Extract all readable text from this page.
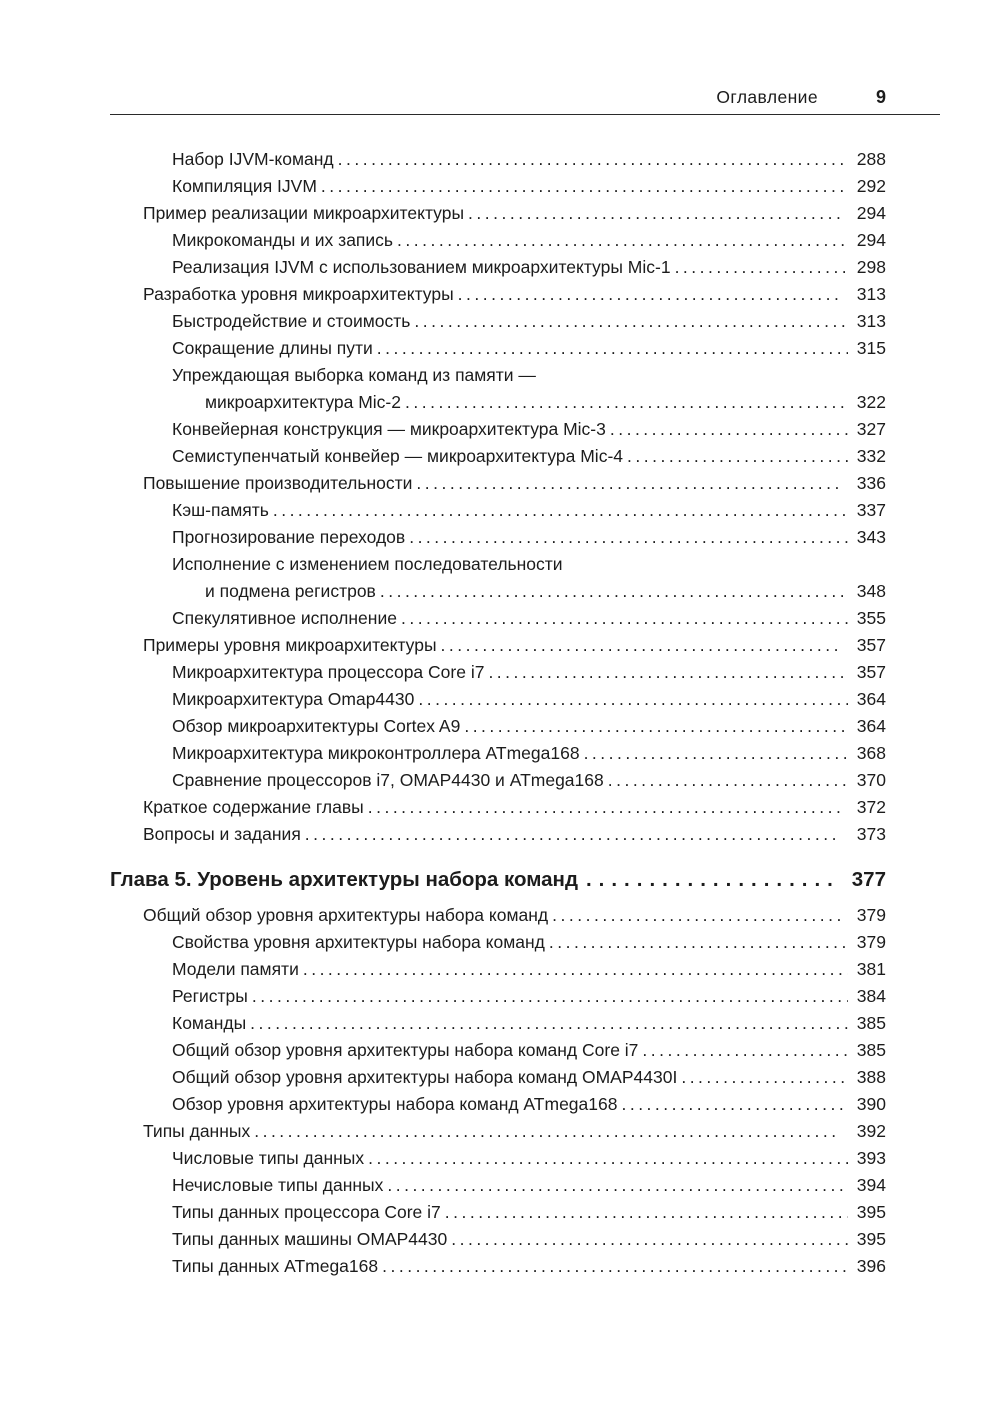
Оглавление	9
Набор IJVM-команд .....	288
Компиляция IJVM .....	292
Пример реализации микроархитектуры .....	294
Микрокоманды и их запись .....	294
Реализация IJVM с использованием микроархитектуры Mic-1 .....	298
Разработка уровня микроархитектуры .....	313
Быстродействие и стоимость .....	313
Сокращение длины пути .....	315
Упреждающая выборка команд из памяти —
микроархитектура Mic-2 .....	322
Конвейерная конструкция — микроархитектура Mic-3 .....	327
Семиступенчатый конвейер — микроархитектура Mic-4 .....	332
Повышение производительности .....	336
Кэш-память .....	337
Прогнозирование переходов .....	343
Исполнение с изменением последовательности
и подмена регистров .....	348
Спекулятивное исполнение .....	355
Примеры уровня микроархитектуры .....	357
Микроархитектура процессора Core i7 .....	357
Микроархитектура Omap4430 .....	364
Обзор микроархитектуры Cortex A9 .....	364
Микроархитектура микроконтроллера ATmega168 .....	368
Сравнение процессоров i7, OMAP4430 и ATmega168 .....	370
Краткое содержание главы .....	372
Вопросы и задания .....	373
Глава 5. Уровень архитектуры набора команд .....	377
Общий обзор уровня архитектуры набора команд .....	379
Свойства уровня архитектуры набора команд .....	379
Модели памяти .....	381
Регистры .....	384
Команды .....	385
Общий обзор уровня архитектуры набора команд Core i7 .....	385
Общий обзор уровня архитектуры набора команд OMAP4430I .....	388
Обзор уровня архитектуры набора команд ATmega168 .....	390
Типы данных .....	392
Числовые типы данных .....	393
Нечисловые типы данных .....	394
Типы данных процессора Core i7 .....	395
Типы данных машины OMAP4430 .....	395
Типы данных ATmega168 .....	396
